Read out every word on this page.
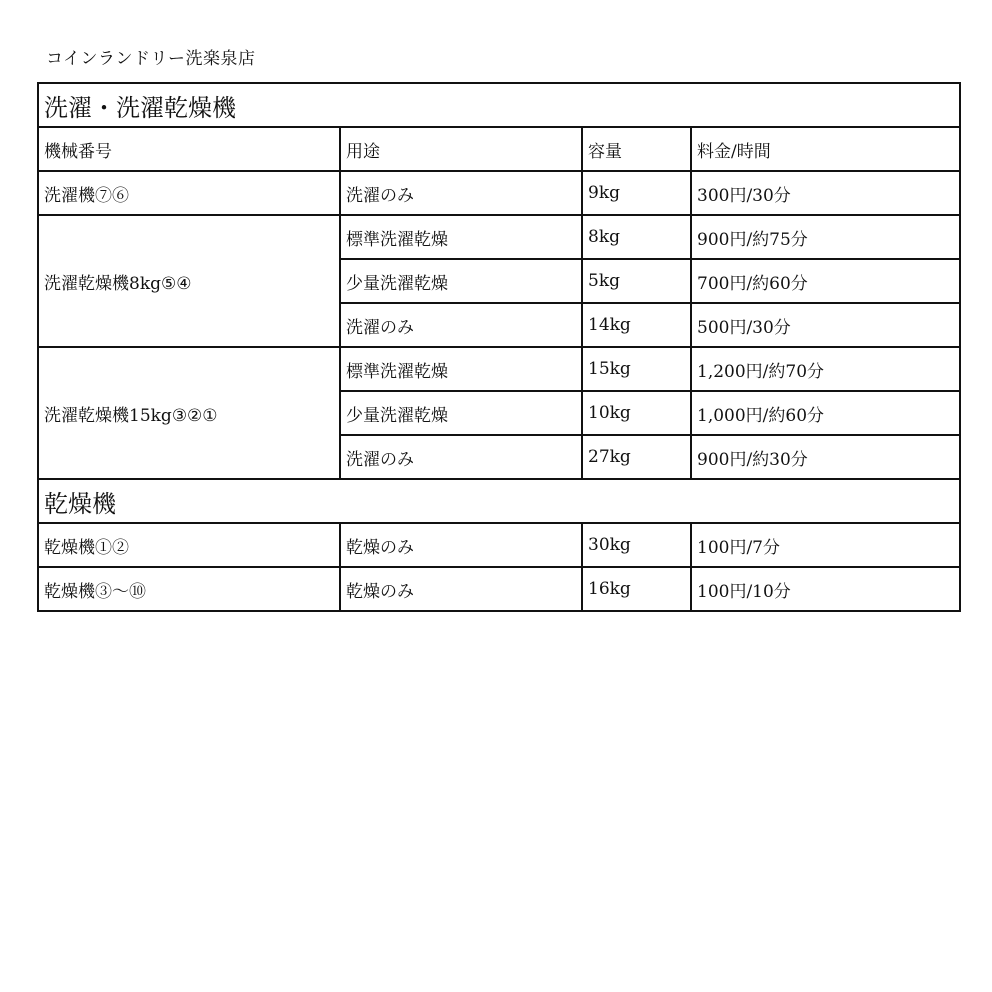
コインランドリー洗楽泉店
洗濯・洗濯乾燥機			
機械番号	用途	容量	料金/時間
洗濯機⑦⑥	洗濯のみ	9kg	300円/30分
洗濯乾燥機8kg⑤④	標準洗濯乾燥	8kg	900円/約75分
	少量洗濯乾燥	5kg	700円/約60分
	洗濯のみ	14kg	500円/30分
洗濯乾燥機15kg③②①	標準洗濯乾燥	15kg	1,200円/約70分
	少量洗濯乾燥	10kg	1,000円/約60分
	洗濯のみ	27kg	900円/約30分
乾燥機			
乾燥機①②	乾燥のみ	30kg	100円/7分
乾燥機③〜⑩	乾燥のみ	16kg	100円/10分
